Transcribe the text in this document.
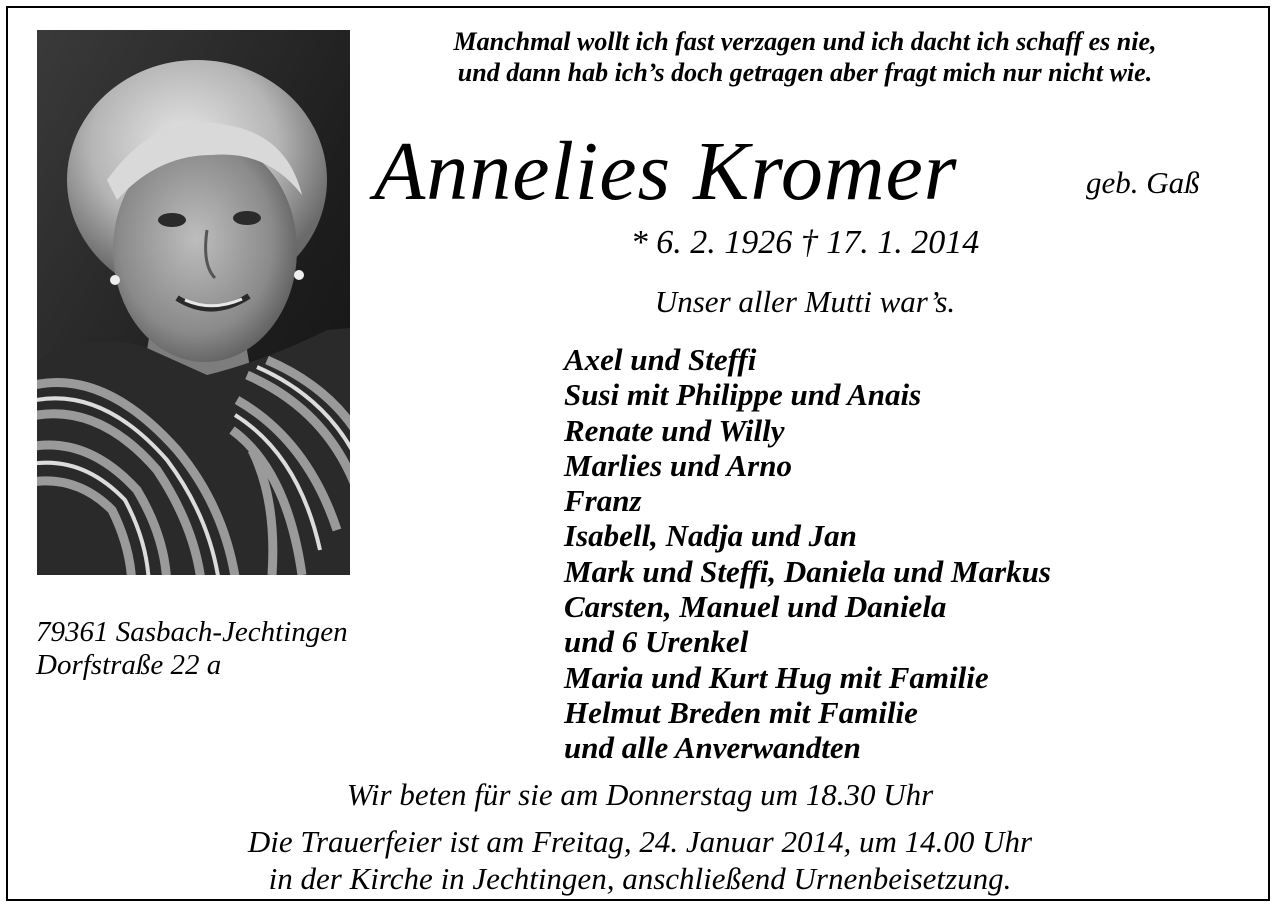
Manchmal wollt ich fast verzagen und ich dacht ich schaff es nie,
und dann hab ich’s doch getragen aber fragt mich nur nicht wie.
Annelies Kromer	geb. Gaß
* 6. 2. 1926 † 17. 1. 2014
Unser aller Mutti war’s.
Axel und Steffi
Susi mit Philippe und Anais
Renate und Willy
Marlies und Arno
Franz
Isabell, Nadja und Jan
Mark und Steffi, Daniela und Markus
Carsten, Manuel und Daniela
und 6 Urenkel
Maria und Kurt Hug mit Familie
Helmut Breden mit Familie
und alle Anverwandten
79361 Sasbach-Jechtingen
Dorfstraße 22 a
Wir beten für sie am Donnerstag um 18.30 Uhr
Die Trauerfeier ist am Freitag, 24. Januar 2014, um 14.00 Uhr
in der Kirche in Jechtingen, anschließend Urnenbeisetzung.
